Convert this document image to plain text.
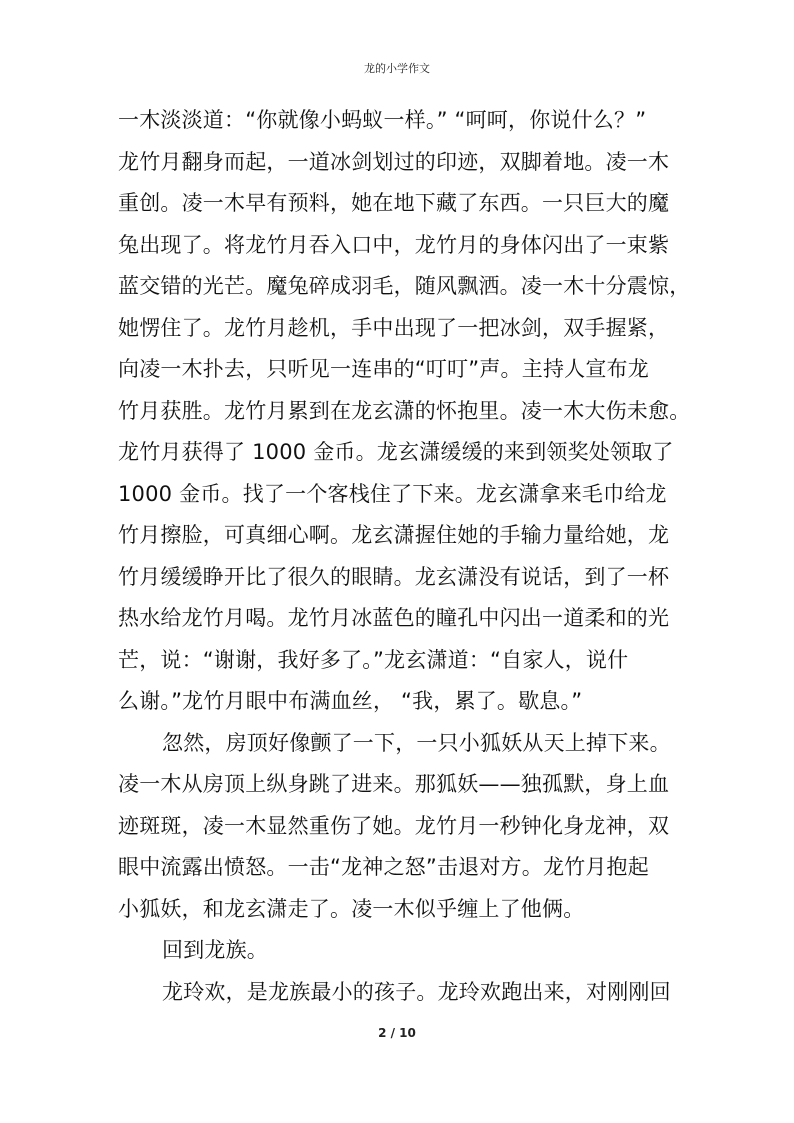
龙的小学作文
一木淡淡道：“你就像小蚂蚁一样。” “呵呵，你说什么？”
龙竹月翻身而起，一道冰剑划过的印迹，双脚着地。凌一木
重创。凌一木早有预料，她在地下藏了东西。一只巨大的魔
兔出现了。将龙竹月吞入口中，龙竹月的身体闪出了一束紫
蓝交错的光芒。魔兔碎成羽毛，随风飘洒。凌一木十分震惊，
她愣住了。龙竹月趁机，手中出现了一把冰剑，双手握紧，
向凌一木扑去，只听见一连串的“叮叮”声。主持人宣布龙
竹月获胜。龙竹月累到在龙玄潇的怀抱里。凌一木大伤未愈。
龙竹月获得了 1000 金币。龙玄潇缓缓的来到领奖处领取了
1000 金币。找了一个客栈住了下来。龙玄潇拿来毛巾给龙
竹月擦脸，可真细心啊。龙玄潇握住她的手输力量给她，龙
竹月缓缓睁开比了很久的眼睛。龙玄潇没有说话，到了一杯
热水给龙竹月喝。龙竹月冰蓝色的瞳孔中闪出一道柔和的光
芒，说：“谢谢，我好多了。”龙玄潇道：“自家人，说什
么谢。”龙竹月眼中布满血丝， “我，累了。歇息。”
忽然，房顶好像颤了一下，一只小狐妖从天上掉下来。
凌一木从房顶上纵身跳了进来。那狐妖——独孤默，身上血
迹斑斑，凌一木显然重伤了她。龙竹月一秒钟化身龙神，双
眼中流露出愤怒。一击“龙神之怒”击退对方。龙竹月抱起
小狐妖，和龙玄潇走了。凌一木似乎缠上了他俩。
回到龙族。
龙玲欢，是龙族最小的孩子。龙玲欢跑出来，对刚刚回
2 / 10
